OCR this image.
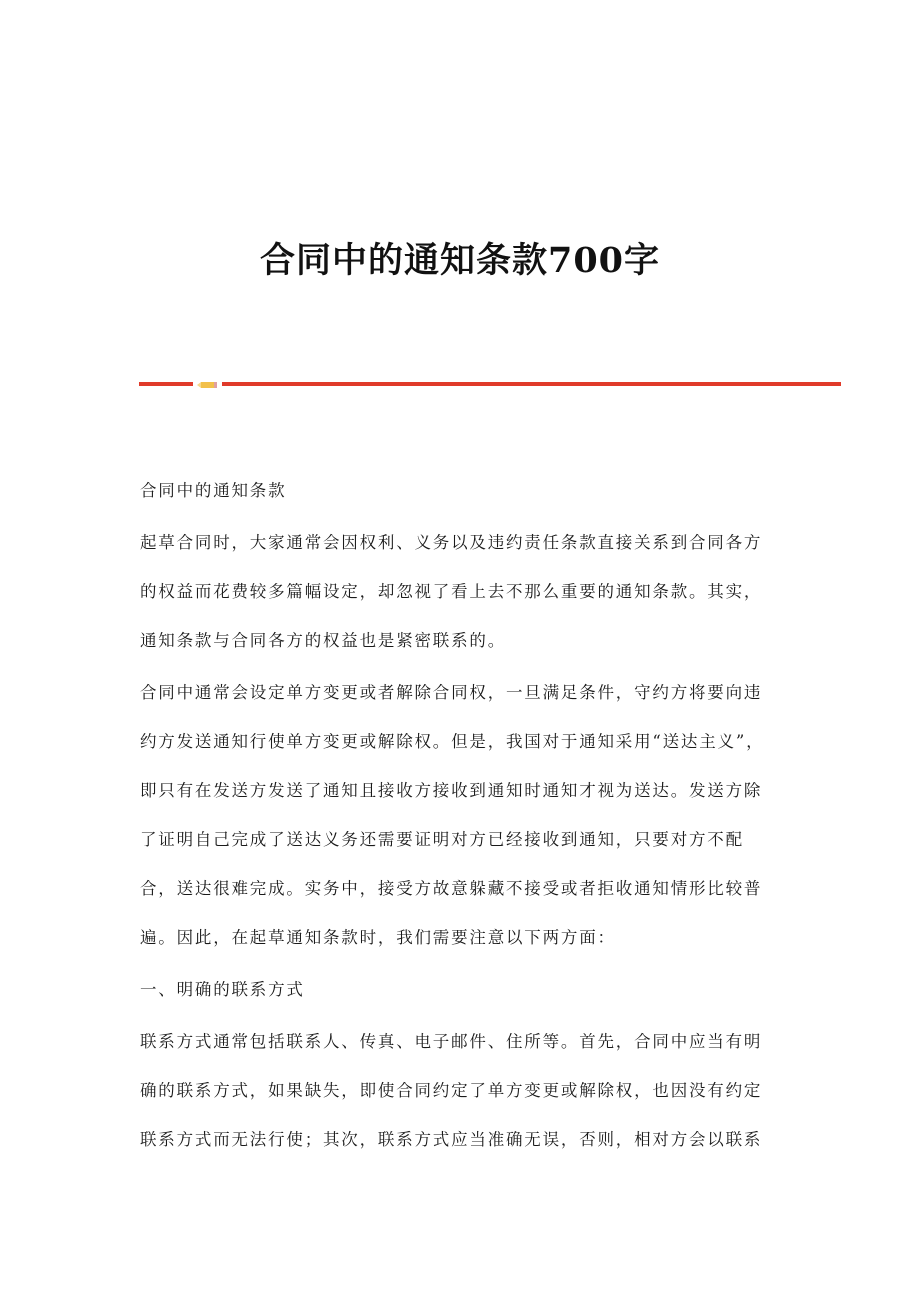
合同中的通知条款700字

合同中的通知条款

起草合同时，大家通常会因权利、义务以及违约责任条款直接关系到合同各方的权益而花费较多篇幅设定，却忽视了看上去不那么重要的通知条款。其实，通知条款与合同各方的权益也是紧密联系的。

合同中通常会设定单方变更或者解除合同权，一旦满足条件，守约方将要向违约方发送通知行使单方变更或解除权。但是，我国对于通知采用“送达主义”，即只有在发送方发送了通知且接收方接收到通知时通知才视为送达。发送方除了证明自己完成了送达义务还需要证明对方已经接收到通知，只要对方不配合，送达很难完成。实务中，接受方故意躲藏不接受或者拒收通知情形比较普遍。因此，在起草通知条款时，我们需要注意以下两方面：

一、明确的联系方式

联系方式通常包括联系人、传真、电子邮件、住所等。首先，合同中应当有明确的联系方式，如果缺失，即使合同约定了单方变更或解除权，也因没有约定联系方式而无法行使；其次，联系方式应当准确无误，否则，相对方会以联系
